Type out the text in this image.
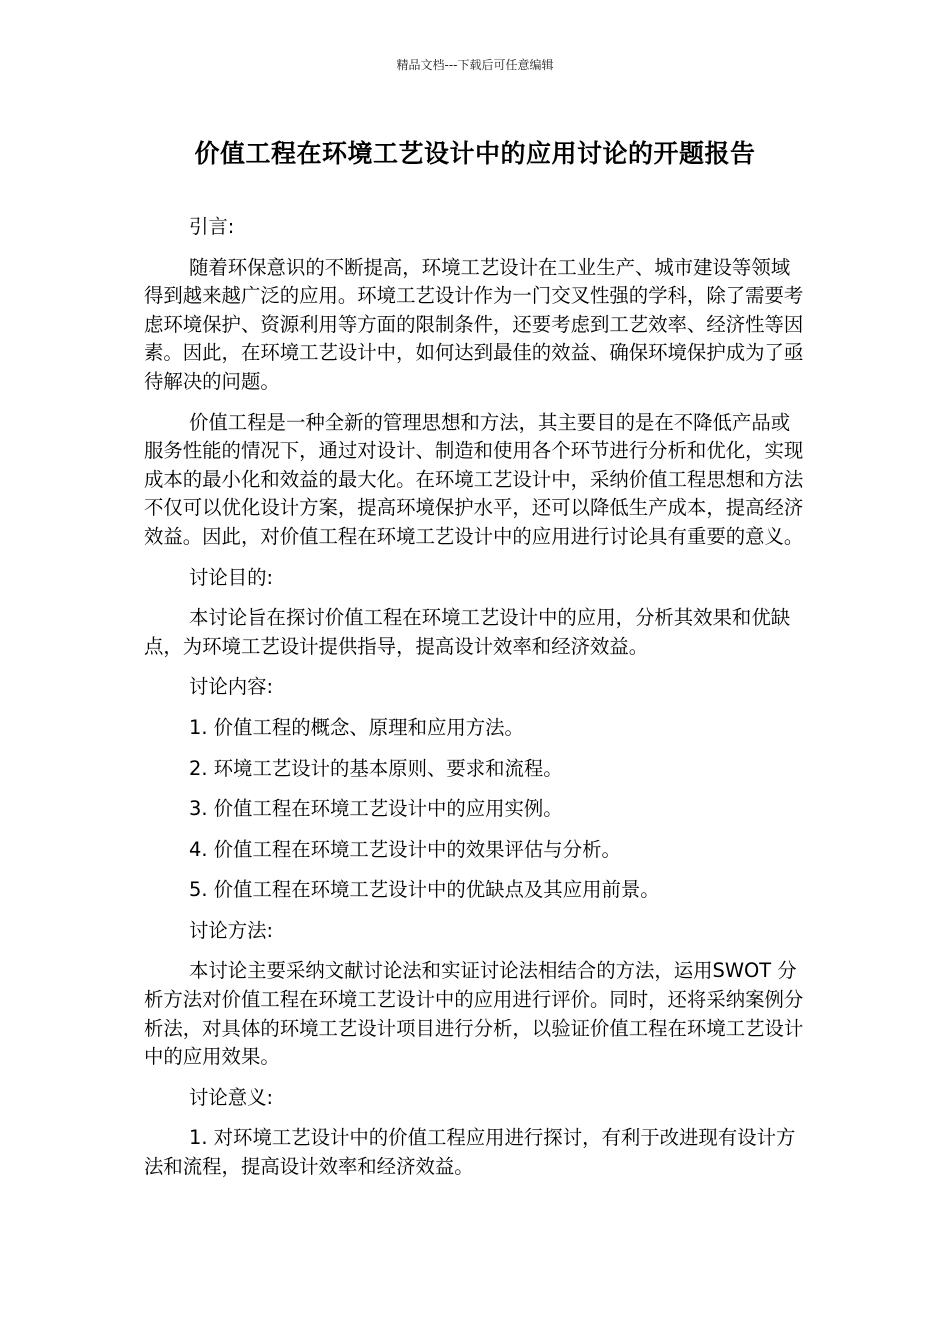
精品文档---下载后可任意编辑
价值工程在环境工艺设计中的应用讨论的开题报告

引言:

随着环保意识的不断提高，环境工艺设计在工业生产、城市建设等领域得到越来越广泛的应用。环境工艺设计作为一门交叉性强的学科，除了需要考虑环境保护、资源利用等方面的限制条件，还要考虑到工艺效率、经济性等因素。因此，在环境工艺设计中，如何达到最佳的效益、确保环境保护成为了亟待解决的问题。

价值工程是一种全新的管理思想和方法，其主要目的是在不降低产品或服务性能的情况下，通过对设计、制造和使用各个环节进行分析和优化，实现成本的最小化和效益的最大化。在环境工艺设计中，采纳价值工程思想和方法不仅可以优化设计方案，提高环境保护水平，还可以降低生产成本，提高经济效益。因此，对价值工程在环境工艺设计中的应用进行讨论具有重要的意义。

讨论目的:

本讨论旨在探讨价值工程在环境工艺设计中的应用，分析其效果和优缺点，为环境工艺设计提供指导，提高设计效率和经济效益。

讨论内容:

1. 价值工程的概念、原理和应用方法。

2. 环境工艺设计的基本原则、要求和流程。

3. 价值工程在环境工艺设计中的应用实例。

4. 价值工程在环境工艺设计中的效果评估与分析。

5. 价值工程在环境工艺设计中的优缺点及其应用前景。

讨论方法:

本讨论主要采纳文献讨论法和实证讨论法相结合的方法，运用SWOT 分析方法对价值工程在环境工艺设计中的应用进行评价。同时，还将采纳案例分析法，对具体的环境工艺设计项目进行分析，以验证价值工程在环境工艺设计中的应用效果。

讨论意义:

1. 对环境工艺设计中的价值工程应用进行探讨，有利于改进现有设计方法和流程，提高设计效率和经济效益。
